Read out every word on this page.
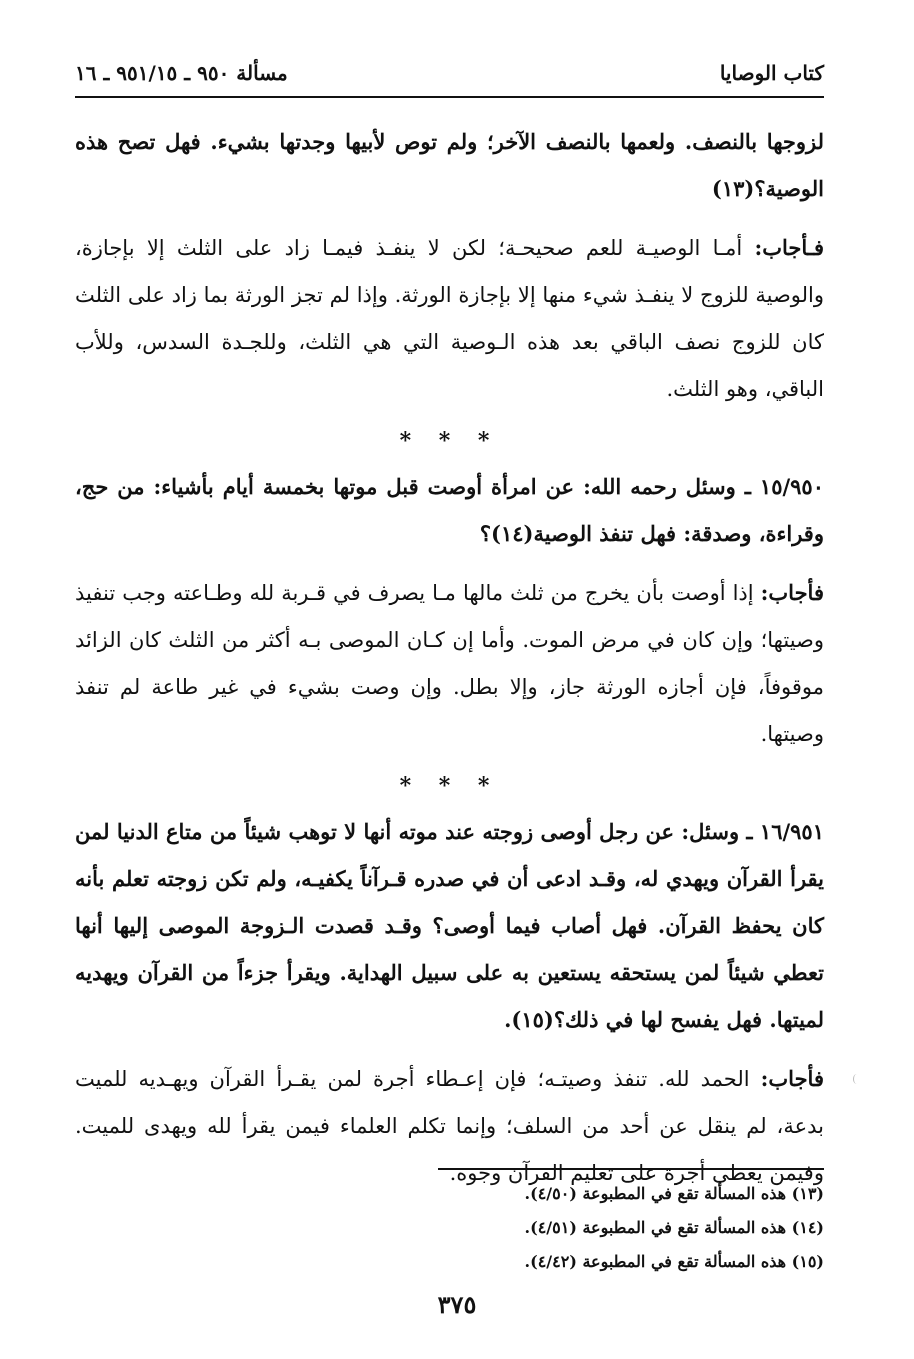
كتاب الوصايا
مسألة ٩٥٠ ـ ٩٥١/١٥ ـ ١٦

لزوجها بالنصف. ولعمها بالنصف الآخر؛ ولم توص لأبيها وجدتها بشيء. فهل تصح هذه الوصية؟(١٣)

فـأجاب: أمـا الوصيـة للعم صحيحـة؛ لكن لا ينفـذ فيمـا زاد على الثلث إلا بإجازة، والوصية للزوج لا ينفـذ شيء منها إلا بإجازة الورثة. وإذا لم تجز الورثة بما زاد على الثلث كان للزوج نصف الباقي بعد هذه الـوصية التي هي الثلث، وللجـدة السدس، وللأب الباقي، وهو الثلث.

* * *

١٥/٩٥٠ ـ وسئل رحمه الله: عن امرأة أوصت قبل موتها بخمسة أيام بأشياء: من حج، وقراءة، وصدقة: فهل تنفذ الوصية(١٤)؟

فأجاب: إذا أوصت بأن يخرج من ثلث مالها مـا يصرف في قـربة لله وطـاعته وجب تنفيذ وصيتها؛ وإن كان في مرض الموت. وأما إن كـان الموصى بـه أكثر من الثلث كان الزائد موقوفاً، فإن أجازه الورثة جاز، وإلا بطل. وإن وصت بشيء في غير طاعة لم تنفذ وصيتها.

* * *

١٦/٩٥١ ـ وسئل: عن رجل أوصى زوجته عند موته أنها لا توهب شيئاً من متاع الدنيا لمن يقرأ القرآن ويهدي له، وقـد ادعى أن في صدره قـرآناً يكفيـه، ولم تكن زوجته تعلم بأنه كان يحفظ القرآن. فهل أصاب فيما أوصى؟ وقـد قصدت الـزوجة الموصى إليها أنها تعطي شيئاً لمن يستحقه يستعين به على سبيل الهداية. ويقرأ جزءاً من القرآن ويهديه لميتها. فهل يفسح لها في ذلك؟(١٥).

فأجاب: الحمد لله. تنفذ وصيتـه؛ فإن إعـطاء أجرة لمن يقـرأ القرآن ويهـديه للميت بدعة، لم ينقل عن أحد من السلف؛ وإنما تكلم العلماء فيمن يقرأ لله ويهدى للميت. وفيمن يعطى أجرة على تعليم القرآن وجوه.

(١٣) هذه المسألة تقع في المطبوعة (٤/٥٠).
(١٤) هذه المسألة تقع في المطبوعة (٤/٥١).
(١٥) هذه المسألة تقع في المطبوعة (٤/٤٢).
٣٧٥
